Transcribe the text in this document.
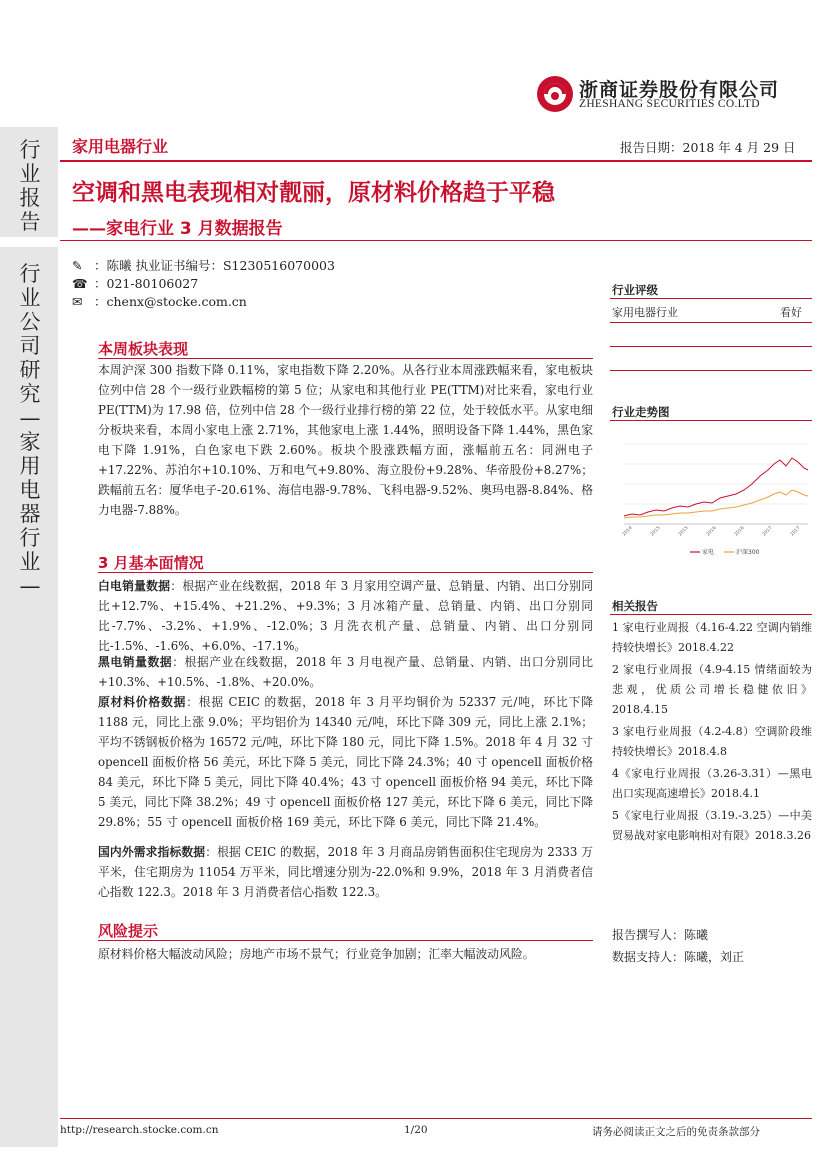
浙商证券股份有限公司
ZHESHANG SECURITIES CO.LTD
行业报告
行业公司研究—家用电器行业—
家用电器行业	报告日期：2018 年 4 月 29 日
空调和黑电表现相对靓丽，原材料价格趋于平稳
——家电行业 3 月数据报告
✎ ：陈曦 执业证书编号：S1230516070003
☎ ：021-80106027
✉ ：chenx@stocke.com.cn
本周板块表现

本周沪深 300 指数下降 0.11%，家电指数下降 2.20%。从各行业本周涨跌幅来看，家电板块位列中信 28 个一级行业跌幅榜的第 5 位；从家电和其他行业 PE(TTM)对比来看，家电行业 PE(TTM)为 17.98 倍，位列中信 28 个一级行业排行榜的第 22 位，处于较低水平。从家电细分板块来看，本周小家电上涨 2.71%，其他家电上涨 1.44%，照明设备下降 1.44%，黑色家电下降 1.91%，白色家电下跌 2.60%。板块个股涨跌幅方面，涨幅前五名：同洲电子+17.22%、苏泊尔+10.10%、万和电气+9.80%、海立股份+9.28%、华帝股份+8.27%；跌幅前五名：厦华电子-20.61%、海信电器-9.78%、飞科电器-9.52%、奥玛电器-8.84%、格力电器-7.88%。

3 月基本面情况

白电销量数据：根据产业在线数据，2018 年 3 月家用空调产量、总销量、内销、出口分别同比+12.7%、+15.4%、+21.2%、+9.3%；3 月冰箱产量、总销量、内销、出口分别同比-7.7%、-3.2%、+1.9%、-12.0%；3 月洗衣机产量、总销量、内销、出口分别同比-1.5%、-1.6%、+6.0%、-17.1%。

黑电销量数据：根据产业在线数据，2018 年 3 月电视产量、总销量、内销、出口分别同比+10.3%、+10.5%、-1.8%、+20.0%。

原材料价格数据：根据 CEIC 的数据，2018 年 3 月平均铜价为 52337 元/吨，环比下降 1188 元，同比上涨 9.0%；平均铝价为 14340 元/吨，环比下降 309 元，同比上涨 2.1%；平均不锈钢板价格为 16572 元/吨，环比下降 180 元，同比下降 1.5%。2018 年 4 月 32 寸 opencell 面板价格 56 美元，环比下降 5 美元，同比下降 24.3%；40 寸 opencell 面板价格 84 美元，环比下降 5 美元，同比下降 40.4%；43 寸 opencell 面板价格 94 美元，环比下降 5 美元，同比下降 38.2%；49 寸 opencell 面板价格 127 美元，环比下降 6 美元，同比下降 29.8%；55 寸 opencell 面板价格 169 美元，环比下降 6 美元，同比下降 21.4%。

国内外需求指标数据：根据 CEIC 的数据，2018 年 3 月商品房销售面积住宅现房为 2333 万平米，住宅期房为 11054 万平米，同比增速分别为-22.0%和 9.9%，2018 年 3 月消费者信心指数 122.3。2018 年 3 月消费者信心指数 122.3。

风险提示

原材料价格大幅波动风险；房地产市场不景气；行业竞争加剧；汇率大幅波动风险。

行业评级
家用电器行业	看好
行业走势图
2014	2015	2015	2016	2016	2017	2017
家电	沪深300
相关报告

1 家电行业周报（4.16-4.22 空调内销维持较快增长》2018.4.22

2 家电行业周报（4.9-4.15 情绪面较为悲观，优质公司增长稳健依旧》2018.4.15

3 家电行业周报（4.2-4.8）空调阶段维持较快增长》2018.4.8

4《家电行业周报（3.26-3.31）—黑电出口实现高速增长》2018.4.1

5《家电行业周报（3.19.-3.25）—中美贸易战对家电影响相对有限》2018.3.26

报告撰写人：陈曦
数据支持人：陈曦，刘正
http://research.stocke.com.cn	1/20	请务必阅读正文之后的免责条款部分
